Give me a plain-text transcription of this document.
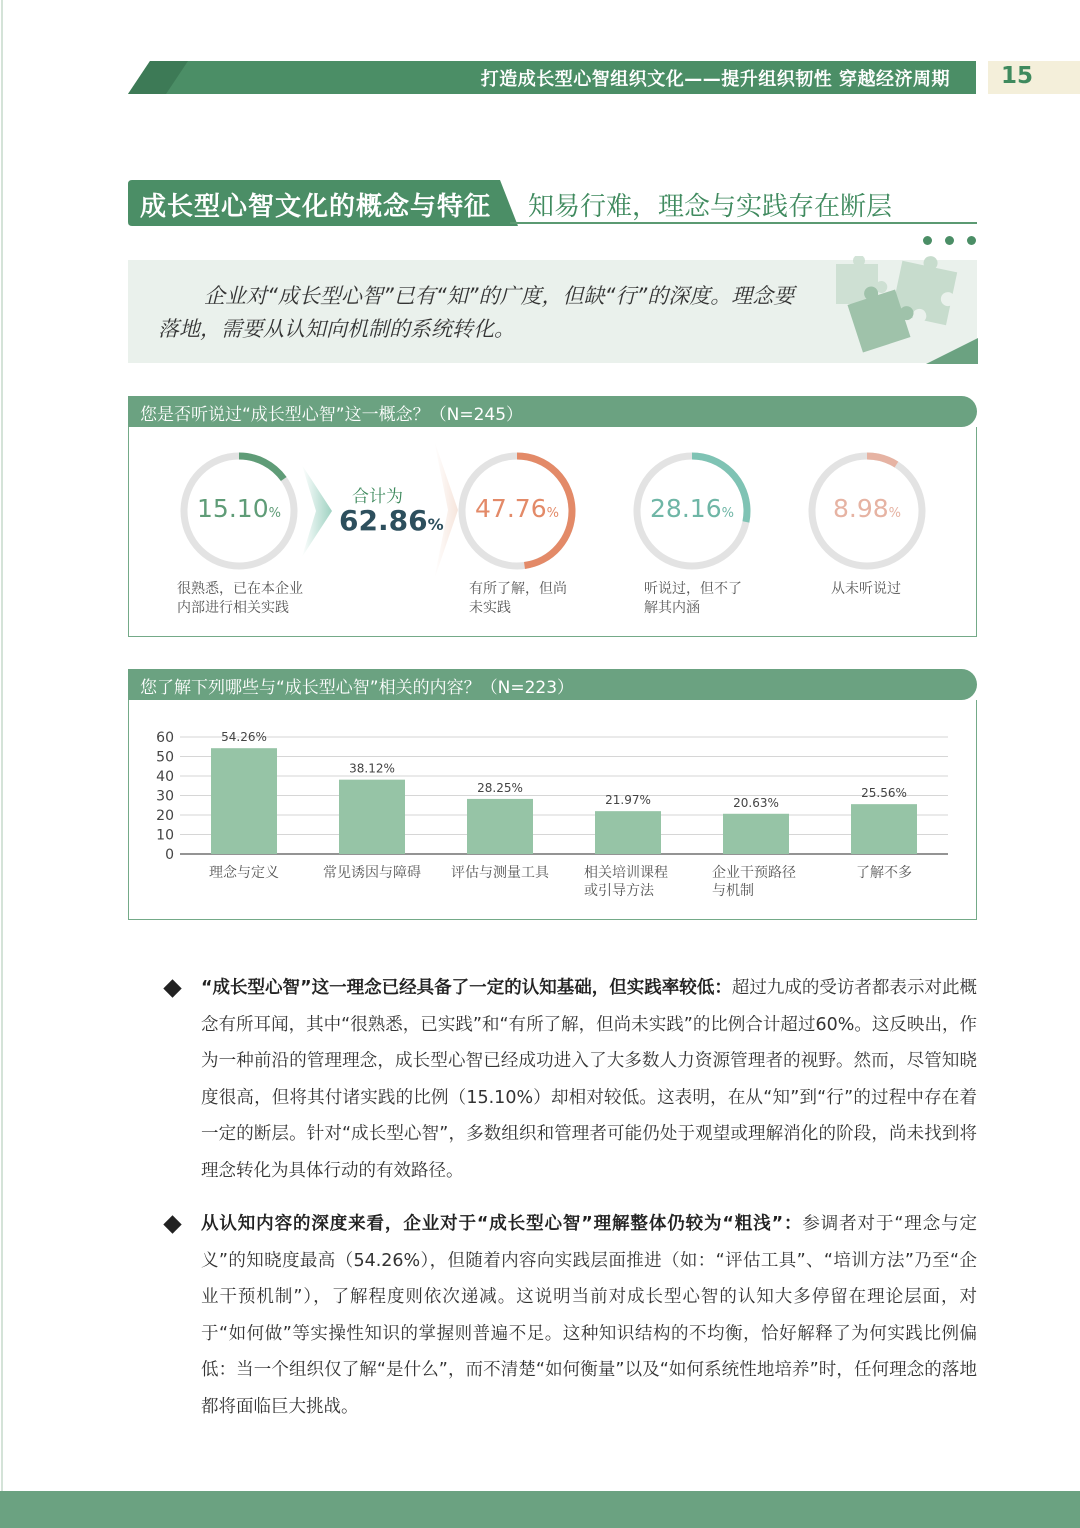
打造成长型心智组织文化——提升组织韧性 穿越经济周期 15
成长型心智文化的概念与特征 知易行难，理念与实践存在断层
企业对“成长型心智”已有“知”的广度，但缺“行”的深度。理念要落地，需要从认知向机制的系统转化。
您是否听说过“成长型心智”这一概念？（N=245）
合计为
62.86%
15.10%
很熟悉，已在本企业
内部进行相关实践
47.76%
有所了解，但尚
未实践
28.16%
听说过，但不了
解其内涵
8.98%
从未听说过
您了解下列哪些与“成长型心智”相关的内容？（N=223）
0
10
20
30
40
50
60	54.26%
理念与定义
38.12%
常见诱因与障碍
28.25%
评估与测量工具
21.97%
相关培训课程
或引导方法
20.63%
企业干预路径
与机制
25.56%
了解不多
“成长型心智”这一理念已经具备了一定的认知基础，但实践率较低：超过九成的受访者都表示对此概念有所耳闻，其中“很熟悉，已实践”和“有所了解，但尚未实践”的比例合计超过60%。这反映出，作为一种前沿的管理理念，成长型心智已经成功进入了大多数人力资源管理者的视野。然而，尽管知晓度很高，但将其付诸实践的比例（15.10%）却相对较低。这表明，在从“知”到“行”的过程中存在着一定的断层。针对“成长型心智”，多数组织和管理者可能仍处于观望或理解消化的阶段，尚未找到将理念转化为具体行动的有效路径。
从认知内容的深度来看，企业对于“成长型心智”理解整体仍较为“粗浅”：参调者对于“理念与定义”的知晓度最高（54.26%），但随着内容向实践层面推进（如：“评估工具”、“培训方法”乃至“企业干预机制”），了解程度则依次递减。这说明当前对成长型心智的认知大多停留在理论层面，对于“如何做”等实操性知识的掌握则普遍不足。这种知识结构的不均衡，恰好解释了为何实践比例偏低：当一个组织仅了解“是什么”，而不清楚“如何衡量”以及“如何系统性地培养”时，任何理念的落地都将面临巨大挑战。
